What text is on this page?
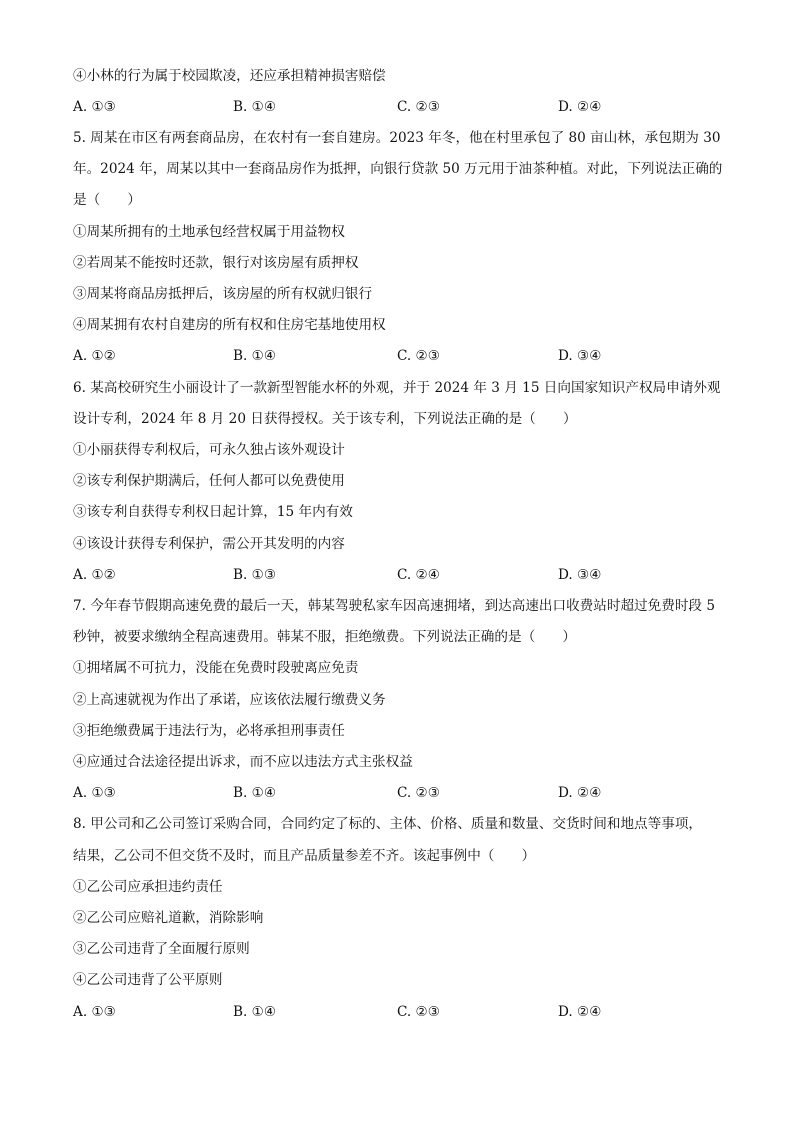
④小林的行为属于校园欺凌，还应承担精神损害赔偿
A. ①③	B. ①④	C. ②③	D. ②④
5. 周某在市区有两套商品房，在农村有一套自建房。2023 年冬，他在村里承包了 80 亩山林，承包期为 30
年。2024 年，周某以其中一套商品房作为抵押，向银行贷款 50 万元用于油茶种植。对此，下列说法正确的
是（　　）
①周某所拥有的土地承包经营权属于用益物权
②若周某不能按时还款，银行对该房屋有质押权
③周某将商品房抵押后，该房屋的所有权就归银行
④周某拥有农村自建房的所有权和住房宅基地使用权
A. ①②	B. ①④	C. ②③	D. ③④
6. 某高校研究生小丽设计了一款新型智能水杯的外观，并于 2024 年 3 月 15 日向国家知识产权局申请外观
设计专利，2024 年 8 月 20 日获得授权。关于该专利，下列说法正确的是（　　）
①小丽获得专利权后，可永久独占该外观设计
②该专利保护期满后，任何人都可以免费使用
③该专利自获得专利权日起计算，15 年内有效
④该设计获得专利保护，需公开其发明的内容
A. ①②	B. ①③	C. ②④	D. ③④
7. 今年春节假期高速免费的最后一天，韩某驾驶私家车因高速拥堵，到达高速出口收费站时超过免费时段 5
秒钟，被要求缴纳全程高速费用。韩某不服，拒绝缴费。下列说法正确的是（　　）
①拥堵属不可抗力，没能在免费时段驶离应免责
②上高速就视为作出了承诺，应该依法履行缴费义务
③拒绝缴费属于违法行为，必将承担刑事责任
④应通过合法途径提出诉求，而不应以违法方式主张权益
A. ①③	B. ①④	C. ②③	D. ②④
8. 甲公司和乙公司签订采购合同，合同约定了标的、主体、价格、质量和数量、交货时间和地点等事项，
结果，乙公司不但交货不及时，而且产品质量参差不齐。该起事例中（　　）
①乙公司应承担违约责任
②乙公司应赔礼道歉，消除影响
③乙公司违背了全面履行原则
④乙公司违背了公平原则
A. ①③	B. ①④	C. ②③	D. ②④
